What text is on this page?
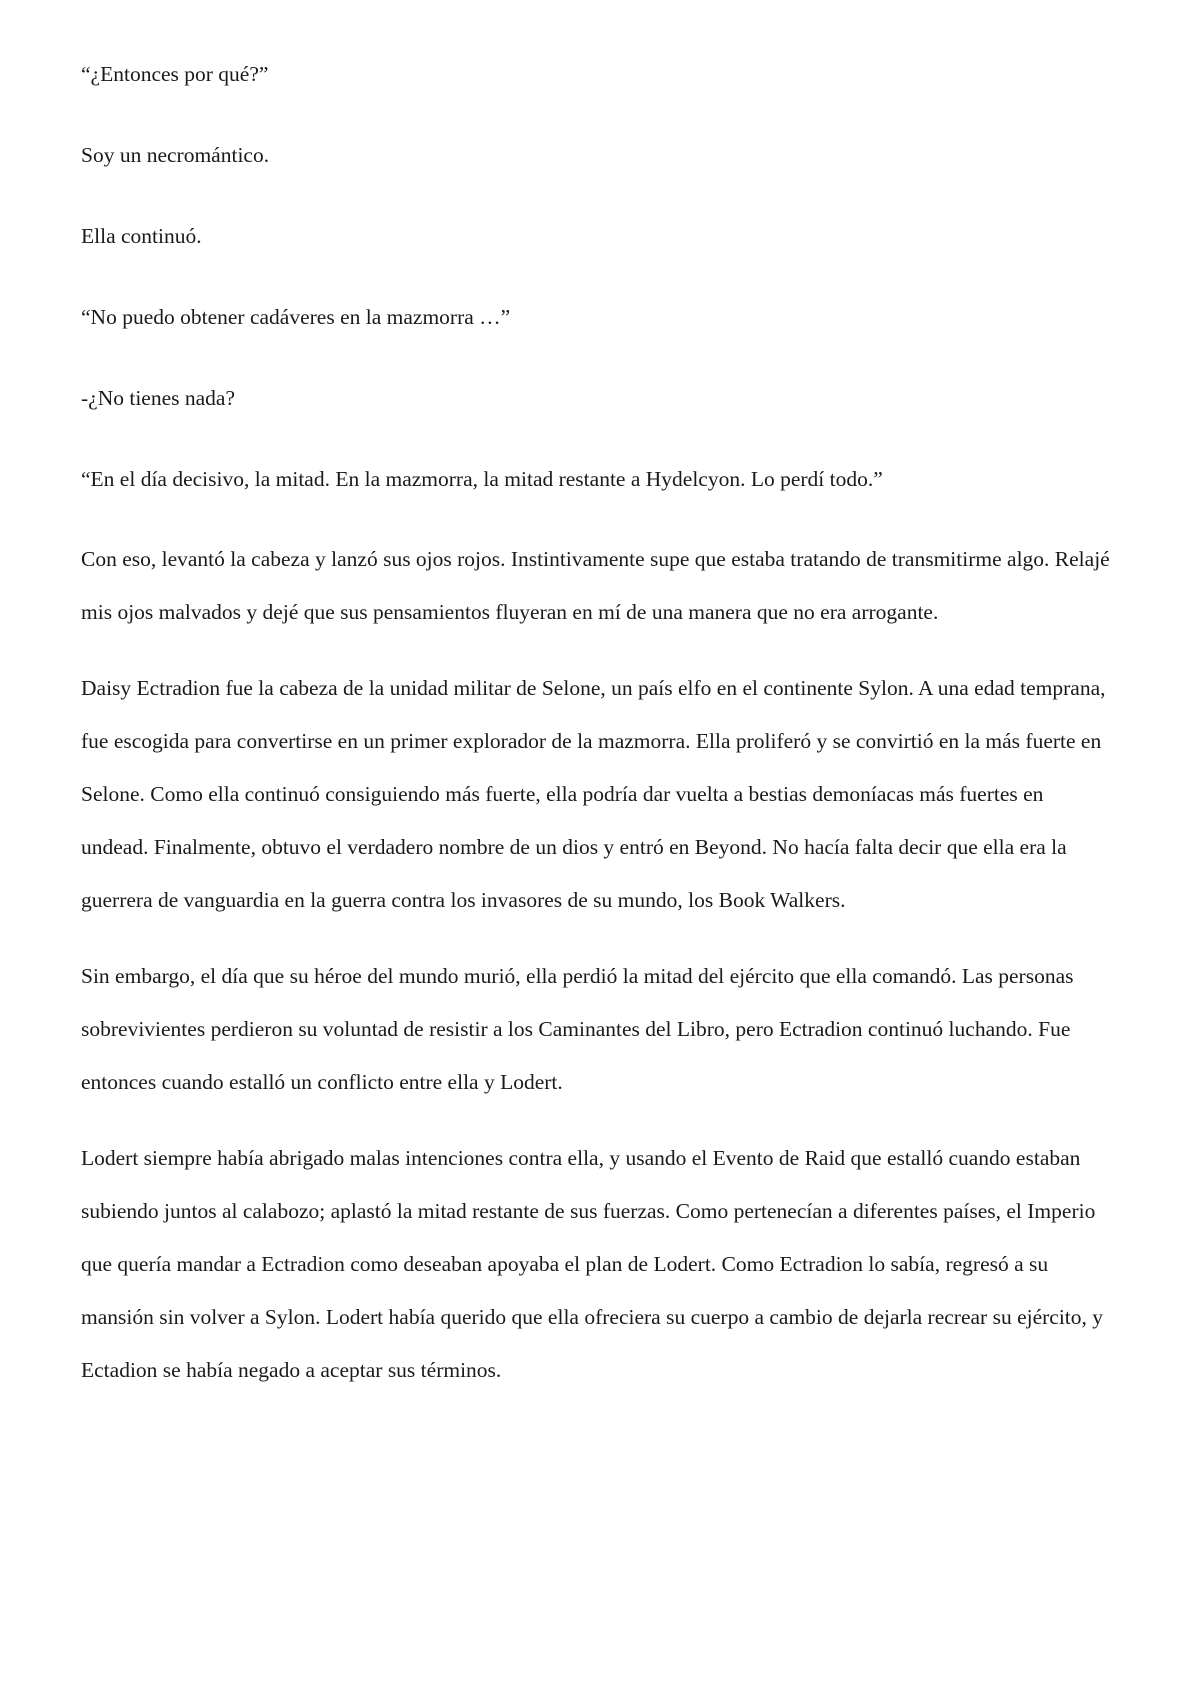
“¿Entonces por qué?”

Soy un necromántico.

Ella continuó.

“No puedo obtener cadáveres en la mazmorra …”

-¿No tienes nada?

“En el día decisivo, la mitad. En la mazmorra, la mitad restante a Hydelcyon. Lo perdí todo.”

Con eso, levantó la cabeza y lanzó sus ojos rojos. Instintivamente supe que estaba tratando de transmitirme algo. Relajé mis ojos malvados y dejé que sus pensamientos fluyeran en mí de una manera que no era arrogante.

Daisy Ectradion fue la cabeza de la unidad militar de Selone, un país elfo en el continente Sylon. A una edad temprana, fue escogida para convertirse en un primer explorador de la mazmorra. Ella proliferó y se convirtió en la más fuerte en Selone. Como ella continuó consiguiendo más fuerte, ella podría dar vuelta a bestias demoníacas más fuertes en undead. Finalmente, obtuvo el verdadero nombre de un dios y entró en Beyond. No hacía falta decir que ella era la guerrera de vanguardia en la guerra contra los invasores de su mundo, los Book Walkers.

Sin embargo, el día que su héroe del mundo murió, ella perdió la mitad del ejército que ella comandó. Las personas sobrevivientes perdieron su voluntad de resistir a los Caminantes del Libro, pero Ectradion continuó luchando. Fue entonces cuando estalló un conflicto entre ella y Lodert.

Lodert siempre había abrigado malas intenciones contra ella, y usando el Evento de Raid que estalló cuando estaban subiendo juntos al calabozo; aplastó la mitad restante de sus fuerzas. Como pertenecían a diferentes países, el Imperio que quería mandar a Ectradion como deseaban apoyaba el plan de Lodert. Como Ectradion lo sabía, regresó a su mansión sin volver a Sylon. Lodert había querido que ella ofreciera su cuerpo a cambio de dejarla recrear su ejército, y Ectadion se había negado a aceptar sus términos.
